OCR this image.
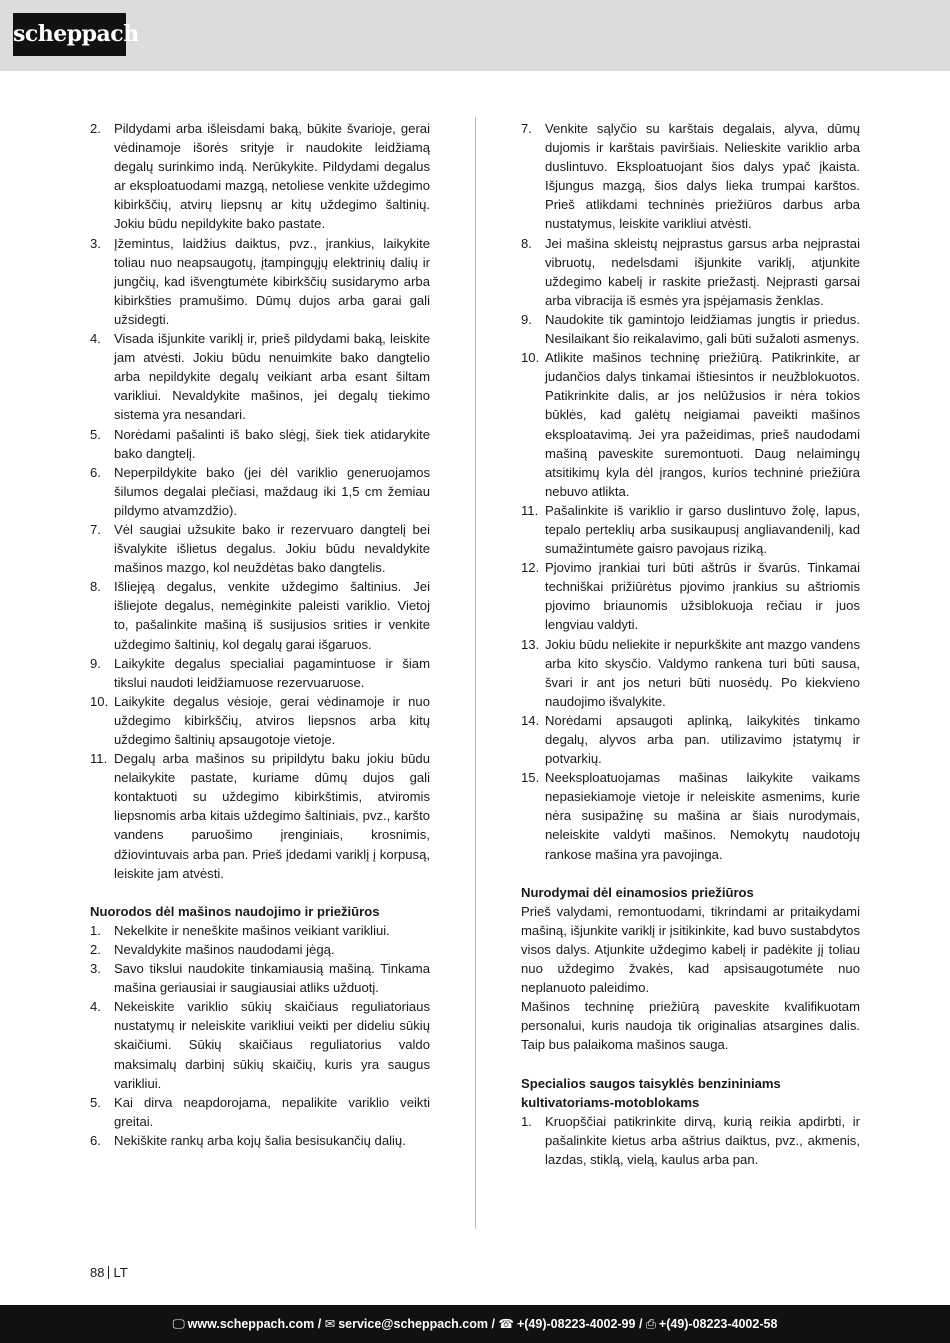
scheppach
2. Pildydami arba išleisdami baką, būkite švarioje, gerai vėdinamoje išorės srityje ir naudokite leidžiamą degalų surinkimo indą. Nerūkykite. Pildydami degalus ar eksploatuodami mazgą, netoliese venkite uždegimo kibirkščių, atvirų liepsnų ar kitų uždegimo šaltinių. Jokiu būdu nepildykite bako pastate.
3. Įžemintus, laidžius daiktus, pvz., įrankius, laikykite toliau nuo neapsaugotų, įtampingųjų elektrinių dalių ir jungčių, kad išvengtumėte kibirkščių susidarymo arba kibirkšties pramušimo. Dūmų dujos arba garai gali užsidegti.
4. Visada išjunkite variklį ir, prieš pildydami baką, leiskite jam atvėsti. Jokiu būdu nenuimkite bako dangtelio arba nepildykite degalų veikiant arba esant šiltam varikliui. Nevaldykite mašinos, jei degalų tiekimo sistema yra nesandari.
5. Norėdami pašalinti iš bako slėgį, šiek tiek atidarykite bako dangtelį.
6. Neperpildykite bako (jei dėl variklio generuojamos šilumos degalai plečiasi, maždaug iki 1,5 cm žemiau pildymo atvamzdžio).
7. Vėl saugiai užsukite bako ir rezervuaro dangtelį bei išvalykite išlietus degalus. Jokiu būdu nevaldykite mašinos mazgo, kol neuždėtas bako dangtelis.
8. Išliejęą degalus, venkite uždegimo šaltinius. Jei išliejote degalus, nemėginkite paleisti variklio. Vietoj to, pašalinkite mašiną iš susijusios srities ir venkite uždegimo šaltinių, kol degalų garai išgaruos.
9. Laikykite degalus specialiai pagamintuose ir šiam tikslui naudoti leidžiamuose rezervuaruose.
10. Laikykite degalus vėsioje, gerai vėdinamoje ir nuo uždegimo kibirkščių, atviros liepsnos arba kitų uždegimo šaltinių apsaugotoje vietoje.
11. Degalų arba mašinos su pripildytu baku jokiu būdu nelaikykite pastate, kuriame dūmų dujos gali kontaktuoti su uždegimo kibirkštimis, atviromis liepsnomis arba kitais uždegimo šaltiniais, pvz., karšto vandens paruošimo įrenginiais, krosnimis, džiovintuvais arba pan. Prieš įdedami variklį į korpusą, leiskite jam atvėsti.
Nuorodos dėl mašinos naudojimo ir priežiūros
1. Nekelkite ir neneškite mašinos veikiant varikliui.
2. Nevaldykite mašinos naudodami jėgą.
3. Savo tikslui naudokite tinkamiausią mašiną. Tinkama mašina geriausiai ir saugiausiai atliks užduotį.
4. Nekeiskite variklio sūkių skaičiaus reguliatoriaus nustatymų ir neleiskite varikliui veikti per dideliu sūkių skaičiumi. Sūkių skaičiaus reguliatorius valdo maksimalų darbinį sūkių skaičių, kuris yra saugus varikliui.
5. Kai dirva neapdorojama, nepalikite variklio veikti greitai.
6. Nekiškite rankų arba kojų šalia besisukančių dalių.
7. Venkite sąlyčio su karštais degalais, alyva, dūmų dujomis ir karštais paviršiais. Nelieskite variklio arba duslintuvo. Eksploatuojant šios dalys ypač įkaista. Išjungus mazgą, šios dalys lieka trumpai karštos. Prieš atlikdami techninės priežiūros darbus arba nustatymus, leiskite varikliui atvėsti.
8. Jei mašina skleistų neįprastus garsus arba neįprastai vibruotų, nedelsdami išjunkite variklį, atjunkite uždegimo kabelį ir raskite priežastį. Neįprasti garsai arba vibracija iš esmės yra įspėjamasis ženklas.
9. Naudokite tik gamintojo leidžiamas jungtis ir priedus. Nesilaikant šio reikalavimo, gali būti sužaloti asmenys.
10. Atlikite mašinos techninę priežiūrą. Patikrinkite, ar judančios dalys tinkamai ištiesintos ir neužblokuotos. Patikrinkite dalis, ar jos nelūžusios ir nėra tokios būklės, kad galėtų neigiamai paveikti mašinos eksploatavimą. Jei yra pažeidimas, prieš naudodami mašiną paveskite suremontuoti. Daug nelaimingų atsitikimų kyla dėl įrangos, kurios techninė priežiūra nebuvo atlikta.
11. Pašalinkite iš variklio ir garso duslintuvo žolę, lapus, tepalo perteklių arba susikaupusį angliavandenilį, kad sumažintumėte gaisro pavojaus riziką.
12. Pjovimo įrankiai turi būti aštrūs ir švarūs. Tinkamai techniškai prižiūrėtus pjovimo įrankius su aštriomis pjovimo briaunomis užsiblokuoja rečiau ir juos lengviau valdyti.
13. Jokiu būdu neliekite ir nepurkškite ant mazgo vandens arba kito skysčio. Valdymo rankena turi būti sausa, švari ir ant jos neturi būti nuosėdų. Po kiekvieno naudojimo išvalykite.
14. Norėdami apsaugoti aplinką, laikykitės tinkamo degalų, alyvos arba pan. utilizavimo įstatymų ir potvarkių.
15. Neeksploatuojamas mašinas laikykite vaikams nepasiekiamoje vietoje ir neleiskite asmenims, kurie nėra susipažinę su mašina ar šiais nurodymais, neleiskite valdyti mašinos. Nemokytų naudotojų rankose mašina yra pavojinga.
Nurodymai dėl einamosios priežiūros

Prieš valydami, remontuodami, tikrindami ar pritaikydami mašiną, išjunkite variklį ir įsitikinkite, kad buvo sustabdytos visos dalys. Atjunkite uždegimo kabelį ir padėkite jį toliau nuo uždegimo žvakės, kad apsisaugotumėte nuo neplanuoto paleidimo.

Mašinos techninę priežiūrą paveskite kvalifikuotam personalui, kuris naudoja tik originalias atsargines dalis. Taip bus palaikoma mašinos sauga.

Specialios saugos taisyklės benzininiams kultivatoriams-motoblokams
1. Kruopščiai patikrinkite dirvą, kurią reikia apdirbti, ir pašalinkite kietus arba aštrius daiktus, pvz., akmenis, lazdas, stiklą, vielą, kaulus arba pan.
88 LT
🖵 www.scheppach.com / ✉ service@scheppach.com / ☎ +(49)-08223-4002-99 / ⎙ +(49)-08223-4002-58
